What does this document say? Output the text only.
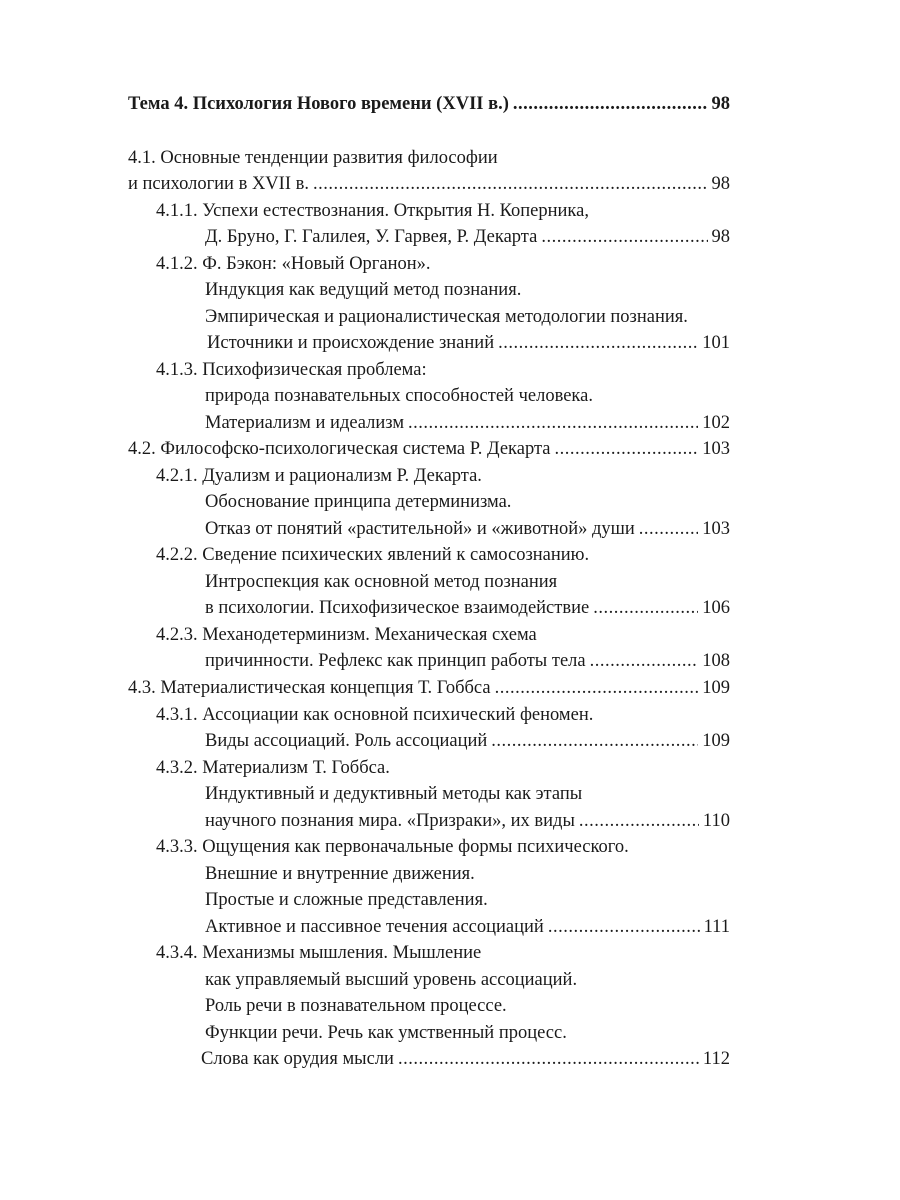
Тема 4. Психология Нового времени (XVII в.) .....	98
4.1. Основные тенденции развития философии
и психологии в XVII в. .....	98
4.1.1. Успехи естествознания. Открытия Н. Коперника,
Д. Бруно, Г. Галилея, У. Гарвея, Р. Декарта .....	98
4.1.2. Ф. Бэкон: «Новый Органон».
Индукция как ведущий метод познания.
Эмпирическая и рационалистическая методологии познания.
Источники и происхождение знаний .....	101
4.1.3. Психофизическая проблема:
природа познавательных способностей человека.
Материализм и идеализм .....	102
4.2. Философско-психологическая система Р. Декарта .....	103
4.2.1. Дуализм и рационализм Р. Декарта.
Обоснование принципа детерминизма.
Отказ от понятий «растительной» и «животной» души .....	103
4.2.2. Сведение психических явлений к самосознанию.
Интроспекция как основной метод познания
в психологии. Психофизическое взаимодействие .....	106
4.2.3. Механодетерминизм. Механическая схема
причинности. Рефлекс как принцип работы тела .....	108
4.3. Материалистическая концепция Т. Гоббса .....	109
4.3.1. Ассоциации как основной психический феномен.
Виды ассоциаций. Роль ассоциаций .....	109
4.3.2. Материализм Т. Гоббса.
Индуктивный и дедуктивный методы как этапы
научного познания мира. «Призраки», их виды .....	110
4.3.3. Ощущения как первоначальные формы психического.
Внешние и внутренние движения.
Простые и сложные представления.
Активное и пассивное течения ассоциаций .....	111
4.3.4. Механизмы мышления. Мышление
как управляемый высший уровень ассоциаций.
Роль речи в познавательном процессе.
Функции речи. Речь как умственный процесс.
Слова как орудия мысли .....	112
